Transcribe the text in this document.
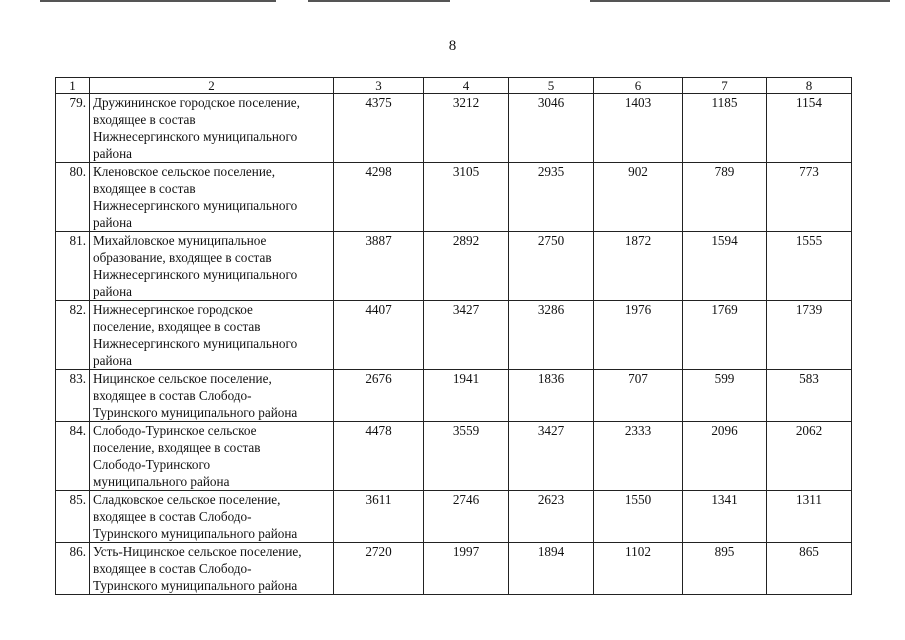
8
1	2	3	4	5	6	7	8
79.	Дружининское городское поселение,
входящее в состав
Нижнесергинского муниципального
района	4375	3212	3046	1403	1185	1154
80.	Кленовское сельское поселение,
входящее в состав
Нижнесергинского муниципального
района	4298	3105	2935	902	789	773
81.	Михайловское муниципальное
образование, входящее в состав
Нижнесергинского муниципального
района	3887	2892	2750	1872	1594	1555
82.	Нижнесергинское городское
поселение, входящее в состав
Нижнесергинского муниципального
района	4407	3427	3286	1976	1769	1739
83.	Ницинское сельское поселение,
входящее в состав Слободо-
Туринского муниципального района	2676	1941	1836	707	599	583
84.	Слободо-Туринское сельское
поселение, входящее в состав
Слободо-Туринского
муниципального района	4478	3559	3427	2333	2096	2062
85.	Сладковское сельское поселение,
входящее в состав Слободо-
Туринского муниципального района	3611	2746	2623	1550	1341	1311
86.	Усть-Ницинское сельское поселение,
входящее в состав Слободо-
Туринского муниципального района	2720	1997	1894	1102	895	865
